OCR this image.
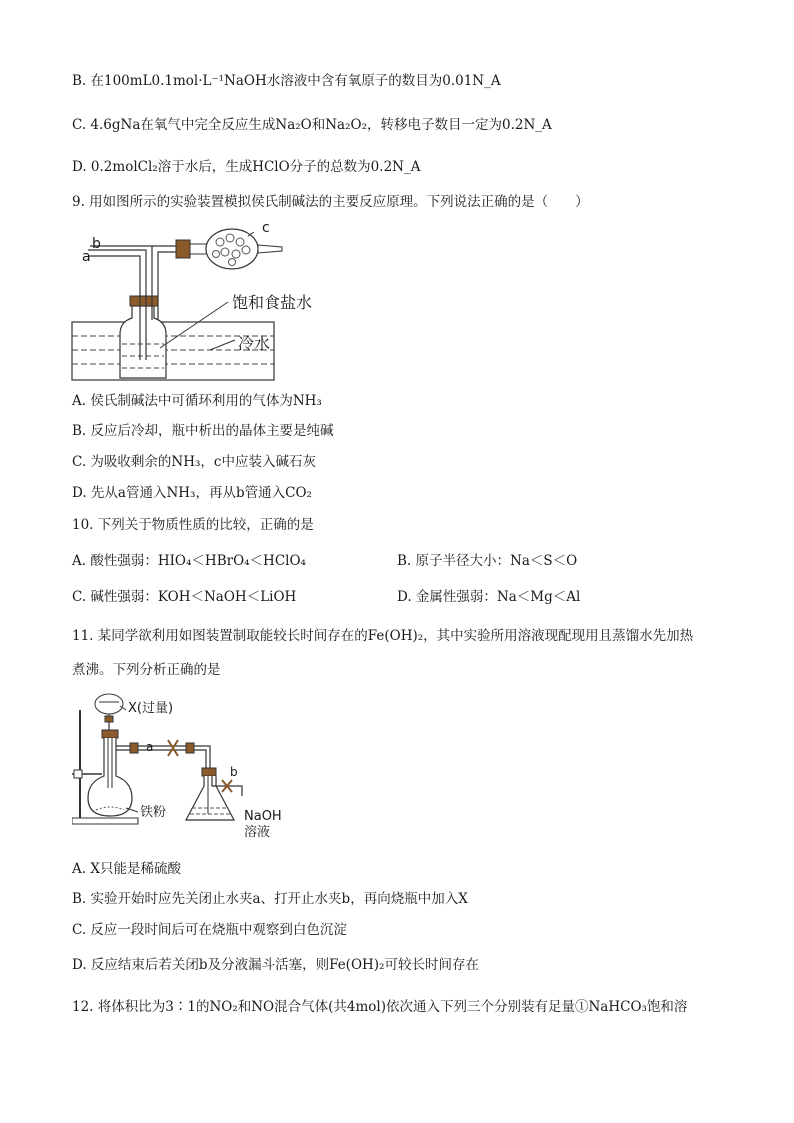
B. 在100mL0.1mol·L⁻¹NaOH水溶液中含有氧原子的数目为0.01N_A
C. 4.6gNa在氧气中完全反应生成Na₂O和Na₂O₂，转移电子数目一定为0.2N_A
D. 0.2molCl₂溶于水后，生成HClO分子的总数为0.2N_A
9. 用如图所示的实验装置模拟侯氏制碱法的主要反应原理。下列说法正确的是（　　）
b
a
c
饱和食盐水
冷水
A. 侯氏制碱法中可循环利用的气体为NH₃
B. 反应后冷却，瓶中析出的晶体主要是纯碱
C. 为吸收剩余的NH₃，c中应装入碱石灰
D. 先从a管通入NH₃，再从b管通入CO₂
10. 下列关于物质性质的比较，正确的是
A. 酸性强弱：HIO₄＜HBrO₄＜HClO₄	B. 原子半径大小：Na＜S＜O
C. 碱性强弱：KOH＜NaOH＜LiOH	D. 金属性强弱：Na＜Mg＜Al
11. 某同学欲利用如图装置制取能较长时间存在的Fe(OH)₂，其中实验所用溶液现配现用且蒸馏水先加热
煮沸。下列分析正确的是
X(过量)
a
b
铁粉	NaOH
溶液
A. X只能是稀硫酸
B. 实验开始时应先关闭止水夹a、打开止水夹b，再向烧瓶中加入X
C. 反应一段时间后可在烧瓶中观察到白色沉淀
D. 反应结束后若关闭b及分液漏斗活塞，则Fe(OH)₂可较长时间存在
12. 将体积比为3∶1的NO₂和NO混合气体(共4mol)依次通入下列三个分别装有足量①NaHCO₃饱和溶
